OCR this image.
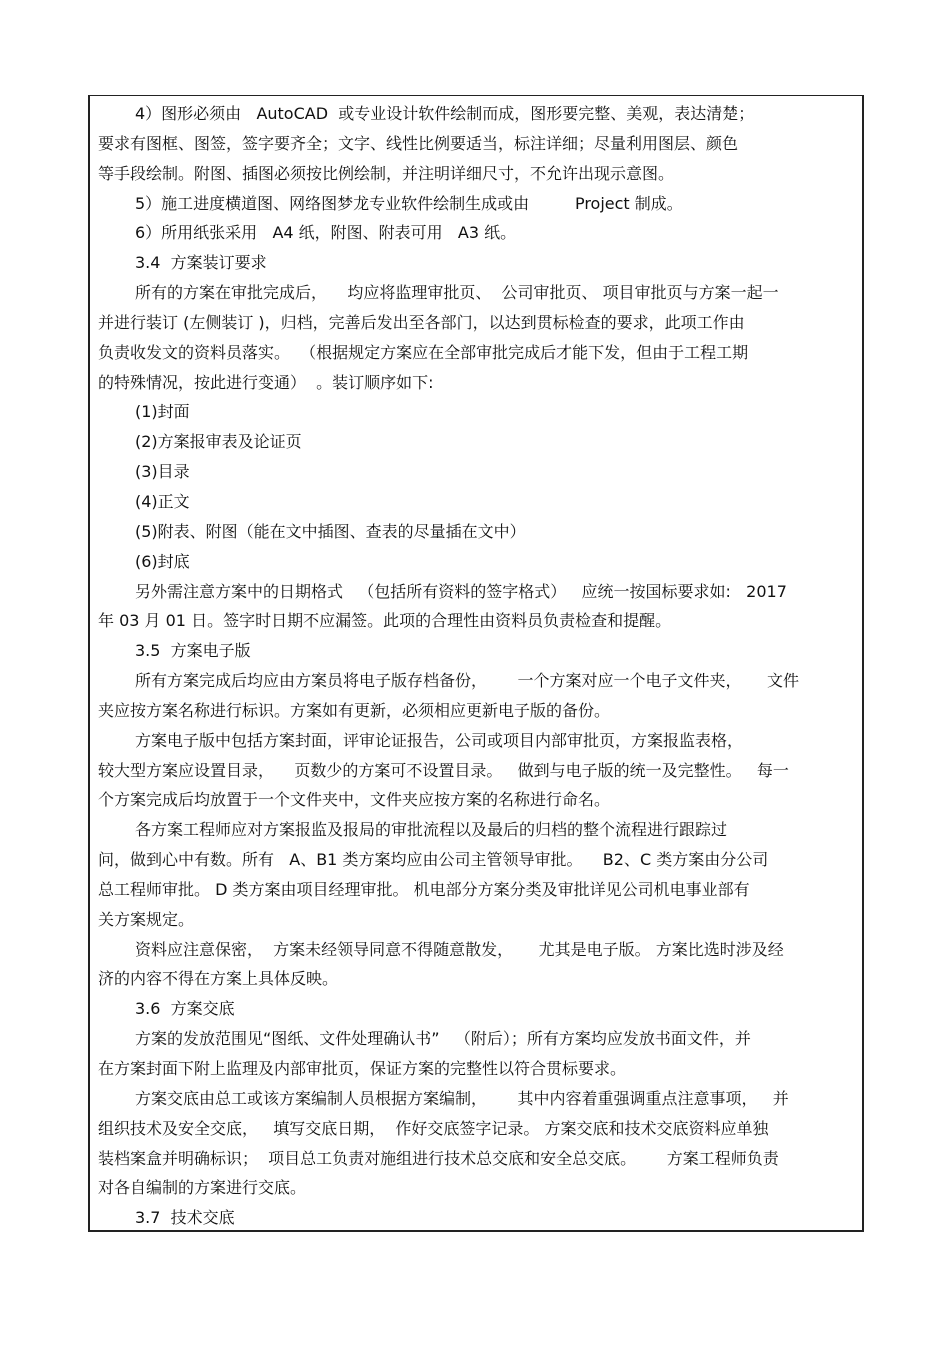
4）图形必须由   AutoCAD  或专业设计软件绘制而成，图形要完整、美观，表达清楚；
要求有图框、图签，签字要齐全；文字、线性比例要适当，标注详细；尽量利用图层、颜色
等手段绘制。附图、插图必须按比例绘制，并注明详细尺寸，不允许出现示意图。
5）施工进度横道图、网络图梦龙专业软件绘制生成或由         Project 制成。
6）所用纸张采用   A4 纸，附图、附表可用   A3 纸。
3.4  方案装订要求
所有的方案在审批完成后，    均应将监理审批页、  公司审批页、 项目审批页与方案一起一
并进行装订 (左侧装订 )，归档，完善后发出至各部门，以达到贯标检查的要求，此项工作由
负责收发文的资料员落实。  （根据规定方案应在全部审批完成后才能下发，但由于工程工期
的特殊情况，按此进行变通）  。装订顺序如下:
(1)封面
(2)方案报审表及论证页
(3)目录
(4)正文
(5)附表、附图（能在文中插图、查表的尽量插在文中）
(6)封底
另外需注意方案中的日期格式   （包括所有资料的签字格式）   应统一按国标要求如:   2017
年 03 月 01 日。签字时日期不应漏签。此项的合理性由资料员负责检查和提醒。
3.5  方案电子版
所有方案完成后均应由方案员将电子版存档备份，      一个方案对应一个电子文件夹，     文件
夹应按方案名称进行标识。方案如有更新，必须相应更新电子版的备份。
方案电子版中包括方案封面，评审论证报告，公司或项目内部审批页，方案报监表格，
较大型方案应设置目录，    页数少的方案可不设置目录。   做到与电子版的统一及完整性。   每一
个方案完成后均放置于一个文件夹中，文件夹应按方案的名称进行命名。
各方案工程师应对方案报监及报局的审批流程以及最后的归档的整个流程进行跟踪过
问，做到心中有数。所有   A、B1 类方案均应由公司主管领导审批。    B2、C 类方案由分公司
总工程师审批。 D 类方案由项目经理审批。 机电部分方案分类及审批详见公司机电事业部有
关方案规定。
资料应注意保密，  方案未经领导同意不得随意散发，     尤其是电子版。 方案比选时涉及经
济的内容不得在方案上具体反映。
3.6  方案交底
方案的发放范围见“图纸、文件处理确认书”   （附后）；所有方案均应发放书面文件，并
在方案封面下附上监理及内部审批页，保证方案的完整性以符合贯标要求。
方案交底由总工或该方案编制人员根据方案编制，      其中内容着重强调重点注意事项，   并
组织技术及安全交底，   填写交底日期，  作好交底签字记录。 方案交底和技术交底资料应单独
装档案盒并明确标识；  项目总工负责对施组进行技术总交底和安全总交底。      方案工程师负责
对各自编制的方案进行交底。
3.7  技术交底
